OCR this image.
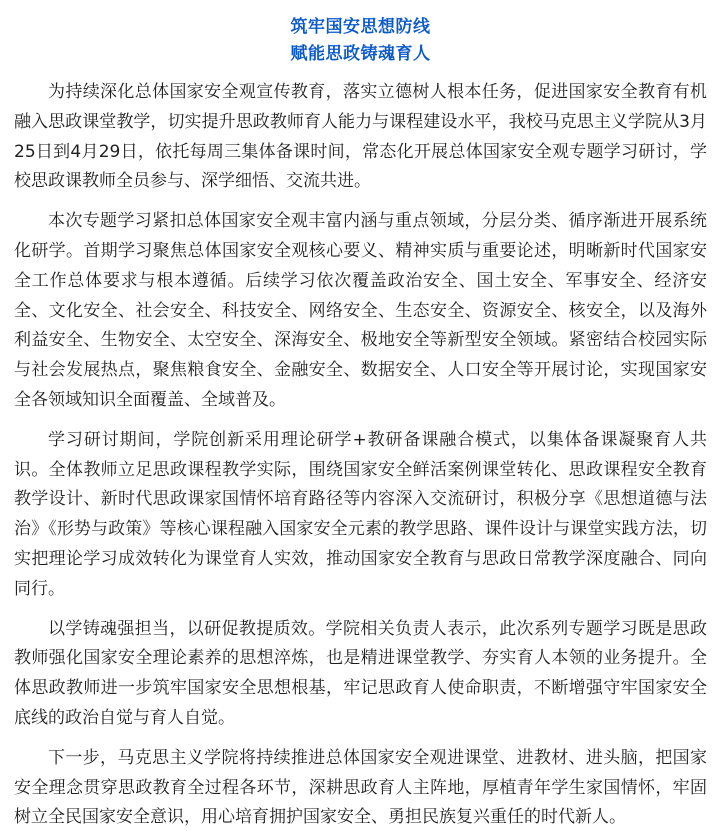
筑牢国安思想防线
赋能思政铸魂育人

为持续深化总体国家安全观宣传教育，落实立德树人根本任务，促进国家安全教育有机融入思政课堂教学，切实提升思政教师育人能力与课程建设水平，我校马克思主义学院从3月25日到4月29日，依托每周三集体备课时间，常态化开展总体国家安全观专题学习研讨，学校思政课教师全员参与、深学细悟、交流共进。

本次专题学习紧扣总体国家安全观丰富内涵与重点领域，分层分类、循序渐进开展系统化研学。首期学习聚焦总体国家安全观核心要义、精神实质与重要论述，明晰新时代国家安全工作总体要求与根本遵循。后续学习依次覆盖政治安全、国土安全、军事安全、经济安全、文化安全、社会安全、科技安全、网络安全、生态安全、资源安全、核安全，以及海外利益安全、生物安全、太空安全、深海安全、极地安全等新型安全领域。紧密结合校园实际与社会发展热点，聚焦粮食安全、金融安全、数据安全、人口安全等开展讨论，实现国家安全各领域知识全面覆盖、全域普及。

学习研讨期间，学院创新采用理论研学+教研备课融合模式，以集体备课凝聚育人共识。全体教师立足思政课程教学实际，围绕国家安全鲜活案例课堂转化、思政课程安全教育教学设计、新时代思政课家国情怀培育路径等内容深入交流研讨，积极分享《思想道德与法治》《形势与政策》等核心课程融入国家安全元素的教学思路、课件设计与课堂实践方法，切实把理论学习成效转化为课堂育人实效，推动国家安全教育与思政日常教学深度融合、同向同行。

以学铸魂强担当，以研促教提质效。学院相关负责人表示，此次系列专题学习既是思政教师强化国家安全理论素养的思想淬炼，也是精进课堂教学、夯实育人本领的业务提升。全体思政教师进一步筑牢国家安全思想根基，牢记思政育人使命职责，不断增强守牢国家安全底线的政治自觉与育人自觉。

下一步，马克思主义学院将持续推进总体国家安全观进课堂、进教材、进头脑，把国家安全理念贯穿思政教育全过程各环节，深耕思政育人主阵地，厚植青年学生家国情怀，牢固树立全民国家安全意识，用心培育拥护国家安全、勇担民族复兴重任的时代新人。
